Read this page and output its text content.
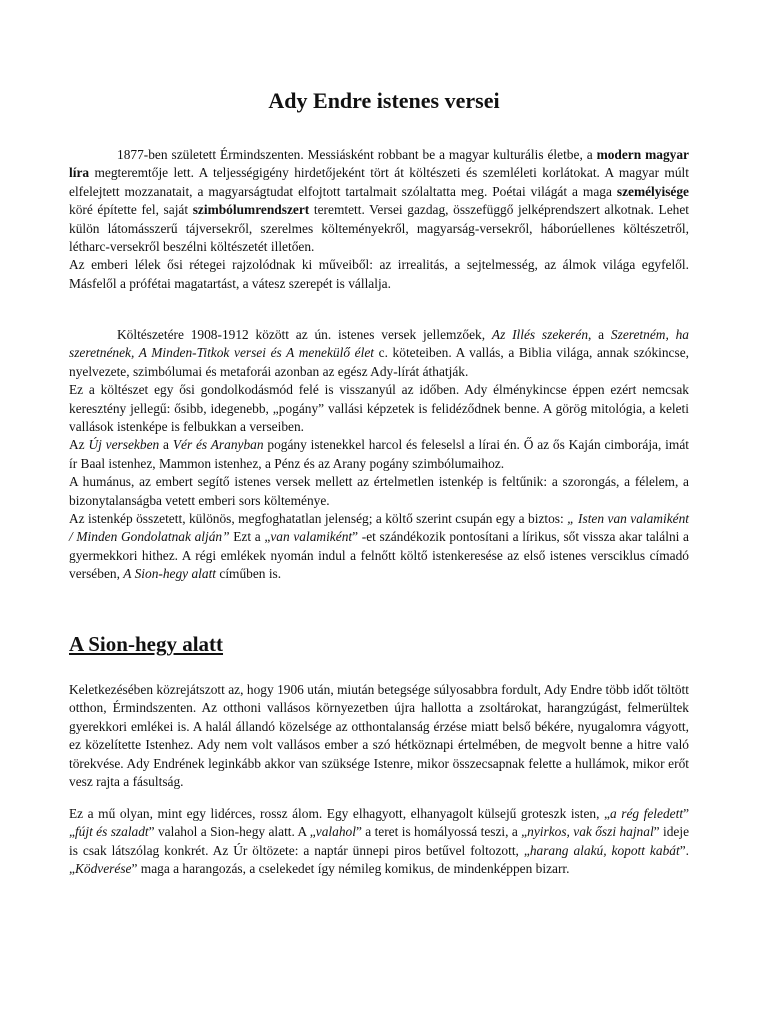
Ady Endre istenes versei

1877-ben született Érmindszenten. Messiásként robbant be a magyar kulturális életbe, a modern magyar líra megteremtője lett. A teljességigény hirdetőjeként tört át költészeti és szemléleti korlátokat. A magyar múlt elfelejtett mozzanatait, a magyarságtudat elfojtott tartalmait szólaltatta meg. Poétai világát a maga személyisége köré építette fel, saját szimbólumrendszert teremtett. Versei gazdag, összefüggő jelképrendszert alkotnak. Lehet külön látomásszerű tájversekről, szerelmes költeményekről, magyarság-versekről, háborúellenes költészetről, létharc-versekről beszélni költészetét illetően.

Az emberi lélek ősi rétegei rajzolódnak ki műveiből: az irrealitás, a sejtelmesség, az álmok világa egyfelől. Másfelől a prófétai magatartást, a vátesz szerepét is vállalja.

Költészetére 1908-1912 között az ún. istenes versek jellemzőek, Az Illés szekerén, a Szeretném, ha szeretnének, A Minden-Titkok versei és A menekülő élet c. köteteiben. A vallás, a Biblia világa, annak szókincse, nyelvezete, szimbólumai és metaforái azonban az egész Ady-lírát áthatják.

Ez a költészet egy ősi gondolkodásmód felé is visszanyúl az időben. Ady élménykincse éppen ezért nemcsak keresztény jellegű: ősibb, idegenebb, „pogány” vallási képzetek is felidéződnek benne. A görög mitológia, a keleti vallások istenképe is felbukkan a verseiben.

Az Új versekben a Vér és Aranyban pogány istenekkel harcol és feleselsl a lírai én. Ő az ős Kaján cimborája, imát ír Baal istenhez, Mammon istenhez, a Pénz és az Arany pogány szimbólumaihoz.

A humánus, az embert segítő istenes versek mellett az értelmetlen istenkép is feltűnik: a szorongás, a félelem, a bizonytalanságba vetett emberi sors költeménye.

Az istenkép összetett, különös, megfoghatatlan jelenség; a költő szerint csupán egy a biztos: „ Isten van valamiként / Minden Gondolatnak alján” Ezt a „van valamiként” -et szándékozik pontosítani a lírikus, sőt vissza akar találni a gyermekkori hithez. A régi emlékek nyomán indul a felnőtt költő istenkeresése az első istenes versciklus címadó versében, A Sion-hegy alatt címűben is.

A Sion-hegy alatt

Keletkezésében közrejátszott az, hogy 1906 után, miután betegsége súlyosabbra fordult, Ady Endre több időt töltött otthon, Érmindszenten. Az otthoni vallásos környezetben újra hallotta a zsoltárokat, harangzúgást, felmerültek gyerekkori emlékei is. A halál állandó közelsége az otthontalanság érzése miatt belső békére, nyugalomra vágyott, ez közelítette Istenhez. Ady nem volt vallásos ember a szó hétköznapi értelmében, de megvolt benne a hitre való törekvése. Ady Endrének leginkább akkor van szüksége Istenre, mikor összecsapnak felette a hullámok, mikor erőt vesz rajta a fásultság.

Ez a mű olyan, mint egy lidérces, rossz álom. Egy elhagyott, elhanyagolt külsejű groteszk isten, „a rég feledett” „fújt és szaladt” valahol a Sion-hegy alatt. A „valahol” a teret is homályossá teszi, a „nyirkos, vak őszi hajnal” ideje is csak látszólag konkrét. Az Úr öltözete: a naptár ünnepi piros betűvel foltozott, „harang alakú, kopott kabát”. „Ködverése” maga a harangozás, a cselekedet így némileg komikus, de mindenképpen bizarr.
